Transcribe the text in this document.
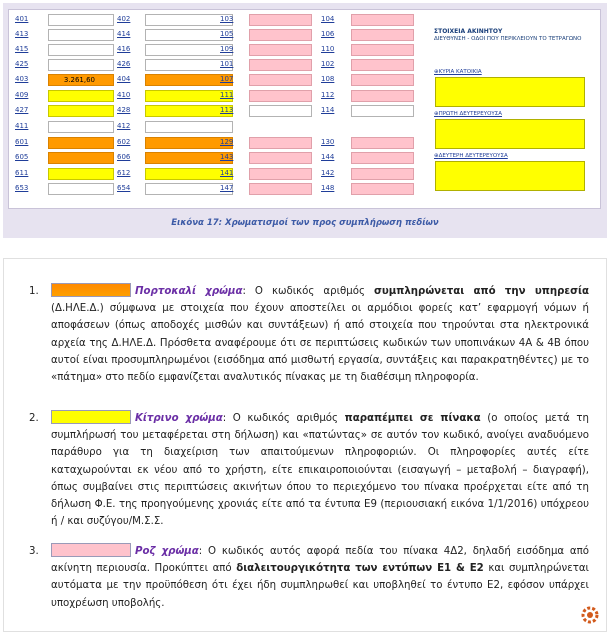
401	402	103	104
413	414	105	106
415	416	109	110
425	426	101	102
403	3.261,60	404	107	108
409	410	111	112
427	428	113	114
411	412
601	602	129	130
605	606	143	144
611	612	141	142
653	654	147	148
ΣΤΟΙΧΕΙΑ ΑΚΙΝΗΤΟΥ
ΔΙΕΥΘΥΝΣΗ - ΟΔΟΙ ΠΟΥ ΠΕΡΙΚΛΕΙΟΥΝ ΤΟ ΤΕΤΡΑΓΩΝΟ
⊕ΚΥΡΙΑ ΚΑΤΟΙΚΙΑ
⊕ΠΡΩΤΗ ΔΕΥΤΕΡΕΥΟΥΣΑ
⊕ΔΕΥΤΕΡΗ ΔΕΥΤΕΡΕΥΟΥΣΑ
Εικόνα 17: Χρωματισμοί των προς συμπλήρωση πεδίων
1.	Πορτοκαλί χρώμα: Ο κωδικός αριθμός συμπληρώνεται από την υπηρεσία (Δ.ΗΛΕ.Δ.) σύμφωνα με στοιχεία που έχουν αποστείλει οι αρμόδιοι φορείς κατ’ εφαρμογή νόμων ή αποφάσεων (όπως αποδοχές μισθών και συντάξεων) ή από στοιχεία που τηρούνται στα ηλεκτρονικά αρχεία της Δ.ΗΛΕ.Δ. Πρόσθετα αναφέρουμε ότι σε περιπτώσεις κωδικών των υποπινάκων 4Α & 4Β όπου αυτοί είναι προσυμπληρωμένοι (εισόδημα από μισθωτή εργασία, συντάξεις και παρακρατηθέντες) με το «πάτημα» στο πεδίο εμφανίζεται αναλυτικός πίνακας με τη διαθέσιμη πληροφορία.
2.	Κίτρινο χρώμα: Ο κωδικός αριθμός παραπέμπει σε πίνακα (ο οποίος μετά τη συμπλήρωσή του μεταφέρεται στη δήλωση) και «πατώντας» σε αυτόν τον κωδικό, ανοίγει αναδυόμενο παράθυρο για τη διαχείριση των απαιτούμενων πληροφοριών. Οι πληροφορίες αυτές είτε καταχωρούνται εκ νέου από το χρήστη, είτε επικαιροποιούνται (εισαγωγή – μεταβολή – διαγραφή), όπως συμβαίνει στις περιπτώσεις ακινήτων όπου το περιεχόμενο του πίνακα προέρχεται είτε από τη δήλωση Φ.Ε. της προηγούμενης χρονιάς είτε από τα έντυπα Ε9 (περιουσιακή εικόνα 1/1/2016) υπόχρεου ή / και συζύγου/Μ.Σ.Σ.
3.	Ροζ χρώμα: Ο κωδικός αυτός αφορά πεδία του πίνακα 4Δ2, δηλαδή εισόδημα από ακίνητη περιουσία. Προκύπτει από διαλειτουργικότητα των εντύπων Ε1 & Ε2 και συμπληρώνεται αυτόματα με την προϋπόθεση ότι έχει ήδη συμπληρωθεί και υποβληθεί το έντυπο Ε2, εφόσον υπάρχει υποχρέωση υποβολής.
